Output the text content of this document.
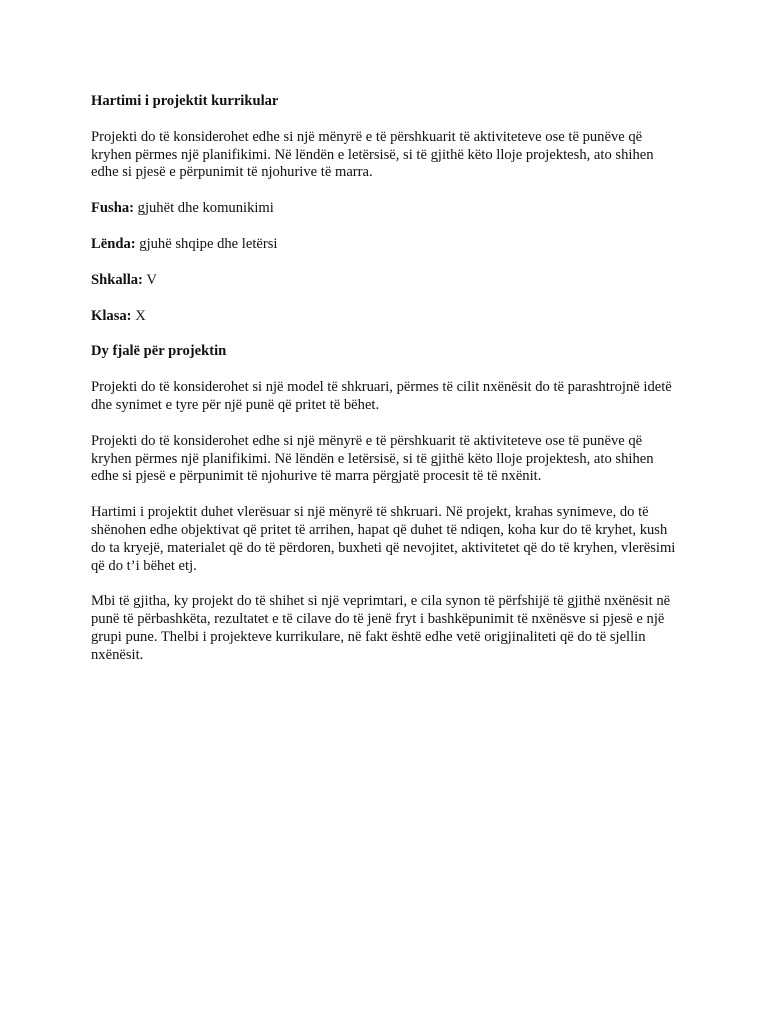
Hartimi i projektit kurrikular

Projekti do të konsiderohet edhe si një mënyrë e të përshkuarit të aktiviteteve ose të punëve që kryhen përmes një planifikimi. Në lëndën e letërsisë, si të gjithë këto lloje projektesh, ato shihen edhe si pjesë e përpunimit të njohurive të marra.

Fusha: gjuhët dhe komunikimi

Lënda: gjuhë shqipe dhe letërsi

Shkalla: V

Klasa: X

Dy fjalë për projektin

Projekti do të konsiderohet si një model të shkruari, përmes të cilit nxënësit do të parashtrojnë idetë dhe synimet e tyre për një punë që pritet të bëhet.

Projekti do të konsiderohet edhe si një mënyrë e të përshkuarit të aktiviteteve ose të punëve që kryhen përmes një planifikimi. Në lëndën e letërsisë, si të gjithë këto lloje projektesh, ato shihen edhe si pjesë e përpunimit të njohurive të marra përgjatë procesit të të nxënit.

Hartimi i projektit duhet vlerësuar si një mënyrë të shkruari. Në projekt, krahas synimeve, do të shënohen edhe objektivat që pritet të arrihen, hapat që duhet të ndiqen, koha kur do të kryhet, kush do ta kryejë, materialet që do të përdoren, buxheti që nevojitet, aktivitetet që do të kryhen, vlerësimi që do t’i bëhet etj.

Mbi të gjitha, ky projekt do të shihet si një veprimtari, e cila synon të përfshijë të gjithë nxënësit në punë të përbashkëta, rezultatet e të cilave do të jenë fryt i bashkëpunimit të nxënësve si pjesë e një grupi pune. Thelbi i projekteve kurrikulare, në fakt është edhe vetë origjinaliteti që do të sjellin nxënësit.
